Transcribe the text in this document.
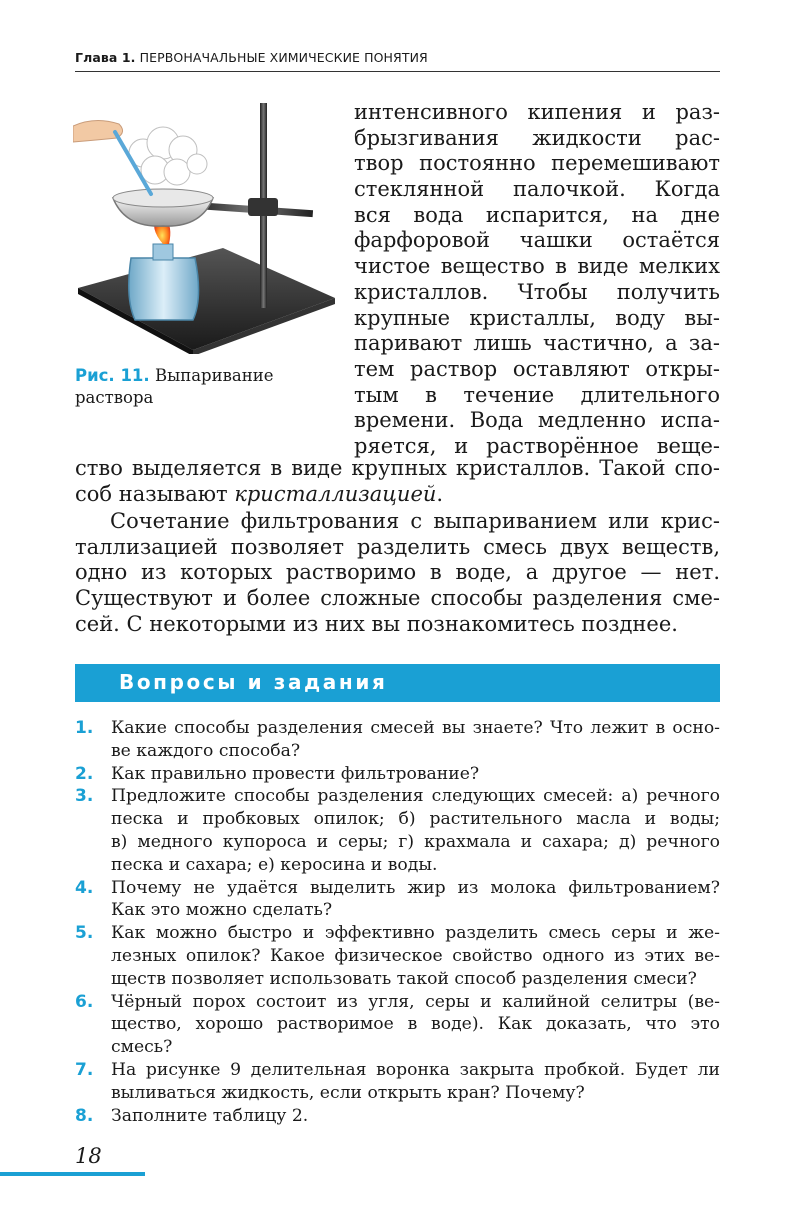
Глава 1. ПЕРВОНАЧАЛЬНЫЕ ХИМИЧЕСКИЕ ПОНЯТИЯ
Рис. 11. Выпаривание
раствора
интенсивного кипения и раз-
брызгивания жидкости рас-
твор постоянно перемешивают
стеклянной палочкой. Когда
вся вода испарится, на дне
фарфоровой чашки остаётся
чистое вещество в виде мелких
кристаллов. Чтобы получить
крупные кристаллы, воду вы-
паривают лишь частично, а за-
тем раствор оставляют откры-
тым в течение длительного
времени. Вода медленно испа-
ряется, и растворённое веще-
ство выделяется в виде крупных кристаллов. Такой спо-
соб называют кристаллизацией.
Сочетание фильтрования с выпариванием или крис-
таллизацией позволяет разделить смесь двух веществ,
одно из которых растворимо в воде, а другое — нет.
Существуют и более сложные способы разделения сме-
сей. С некоторыми из них вы познакомитесь позднее.
Вопросы и задания
1. Какие способы разделения смесей вы знаете? Что лежит в осно-
ве каждого способа?
2. Как правильно провести фильтрование?
3. Предложите способы разделения следующих смесей: а) речного
песка и пробковых опилок; б) растительного масла и воды;
в) медного купороса и серы; г) крахмала и сахара; д) речного
песка и сахара; е) керосина и воды.
4. Почему не удаётся выделить жир из молока фильтрованием?
Как это можно сделать?
5. Как можно быстро и эффективно разделить смесь серы и же-
лезных опилок? Какое физическое свойство одного из этих ве-
ществ позволяет использовать такой способ разделения смеси?
6. Чёрный порох состоит из угля, серы и калийной селитры (ве-
щество, хорошо растворимое в воде). Как доказать, что это
смесь?
7. На рисунке 9 делительная воронка закрыта пробкой. Будет ли
выливаться жидкость, если открыть кран? Почему?
8. Заполните таблицу 2.
18
